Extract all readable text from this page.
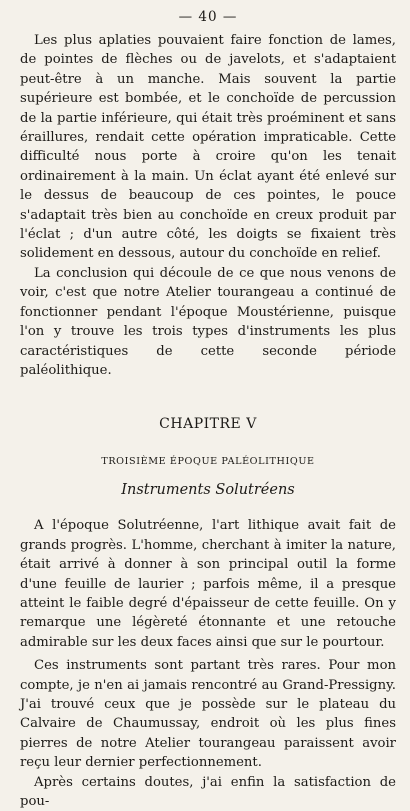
— 40 —

Les plus aplaties pouvaient faire fonction de lames, de pointes de flèches ou de javelots, et s'adaptaient peut-être à un manche. Mais souvent la partie supérieure est bombée, et le conchoïde de percussion de la partie inférieure, qui était très proéminent et sans éraillures, rendait cette opération impraticable. Cette difficulté nous porte à croire qu'on les tenait ordinairement à la main. Un éclat ayant été enlevé sur le dessus de beaucoup de ces pointes, le pouce s'adaptait très bien au conchoïde en creux produit par l'éclat ; d'un autre côté, les doigts se fixaient très solidement en dessous, autour du conchoïde en relief.

La conclusion qui découle de ce que nous venons de voir, c'est que notre Atelier tourangeau a continué de fonctionner pendant l'époque Moustérienne, puisque l'on y trouve les trois types d'instruments les plus caractéristiques de cette seconde période paléolithique.

CHAPITRE V
TROISIÈME ÉPOQUE PALÉOLITHIQUE
Instruments Solutréens

A l'époque Solutréenne, l'art lithique avait fait de grands progrès. L'homme, cherchant à imiter la nature, était arrivé à donner à son principal outil la forme d'une feuille de laurier ; parfois même, il a presque atteint le faible degré d'épaisseur de cette feuille. On y remarque une légèreté étonnante et une retouche admirable sur les deux faces ainsi que sur le pourtour.

Ces instruments sont partant très rares. Pour mon compte, je n'en ai jamais rencontré au Grand-Pressigny. J'ai trouvé ceux que je possède sur le plateau du Calvaire de Chaumussay, endroit où les plus fines pierres de notre Atelier tourangeau paraissent avoir reçu leur dernier perfectionnement.

Après certains doutes, j'ai enfin la satisfaction de pou-
